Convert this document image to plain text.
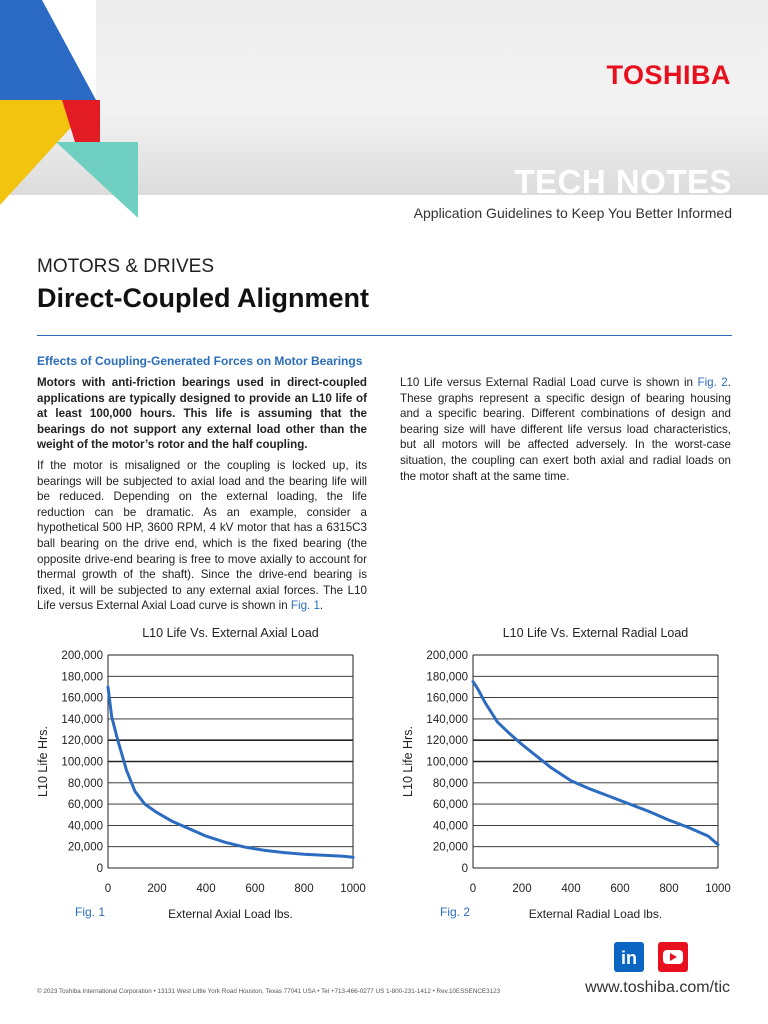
TOSHIBA
TECH NOTES
Application Guidelines to Keep You Better Informed
MOTORS & DRIVES
Direct-Coupled Alignment
Effects of Coupling-Generated Forces on Motor Bearings

Motors with anti-friction bearings used in direct-coupled applications are typically designed to provide an L10 life of at least 100,000 hours. This life is assuming that the bearings do not support any external load other than the weight of the motor’s rotor and the half coupling.

If the motor is misaligned or the coupling is locked up, its bearings will be subjected to axial load and the bearing life will be reduced. Depending on the external loading, the life reduction can be dramatic. As an example, consider a hypothetical 500 HP, 3600 RPM, 4 kV motor that has a 6315C3 ball bearing on the drive end, which is the fixed bearing (the opposite drive-end bearing is free to move axially to account for thermal growth of the shaft). Since the drive-end bearing is fixed, it will be subjected to any external axial forces. The L10 Life versus External Axial Load curve is shown in Fig. 1.

L10 Life versus External Radial Load curve is shown in Fig. 2. These graphs represent a specific design of bearing housing and a specific bearing. Different combinations of design and bearing size will have different life versus load characteristics, but all motors will be affected adversely. In the worst-case situation, the coupling can exert both axial and radial loads on the motor shaft at the same time.

L10 Life Vs. External Axial Load
0
20,000
40,000
60,000
80,000
100,000
120,000
140,000
160,000
180,000
200,000
0	200	400	600	800 1000
External Axial Load lbs.
L10 Life Hrs.
L10 Life Vs. External Radial Load
0
20,000
40,000
60,000
80,000
100,000
120,000
140,000
160,000
180,000
200,000
0	200	400	600	800 1000
External Radial Load lbs.
L10 Life Hrs.
Fig. 1	Fig. 2
in
© 2023 Toshiba International Corporation • 13131 West Little York Road Houston, Texas 77041 USA • Tel +713-466-0277 US 1-800-231-1412 • Rev.10ESSENCE3123	www.toshiba.com/tic
